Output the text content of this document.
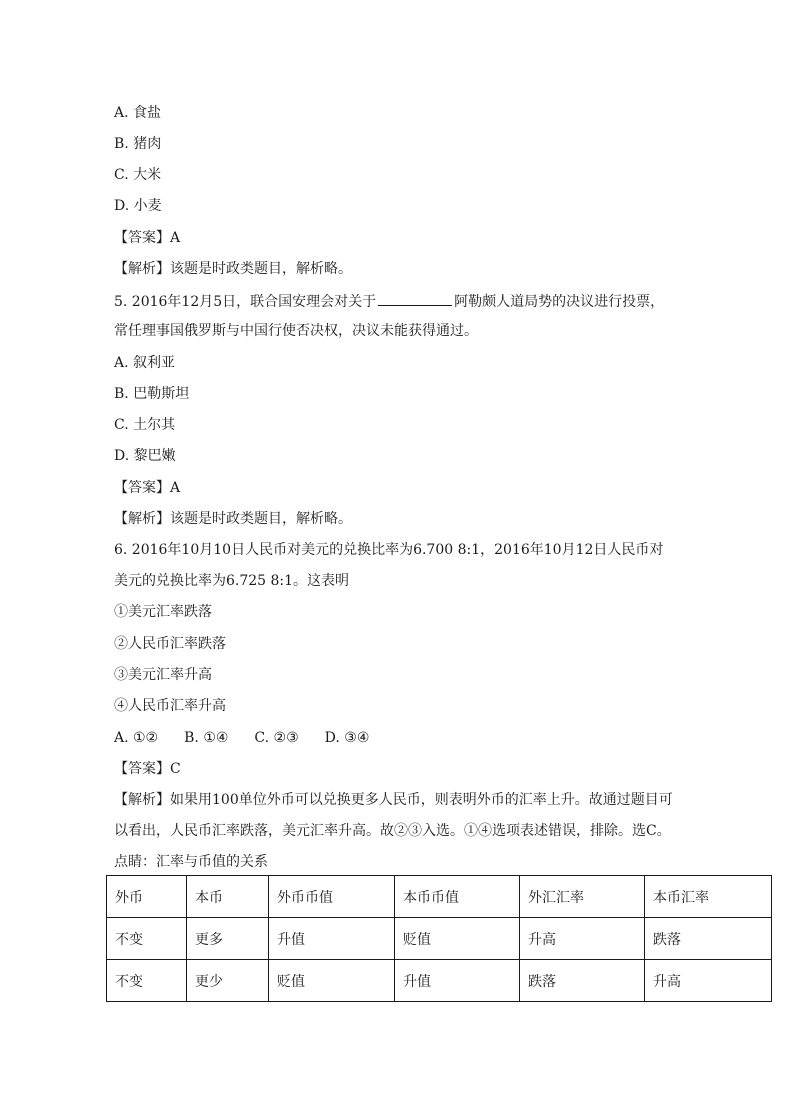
A. 食盐
B. 猪肉
C. 大米
D. 小麦
【答案】A
【解析】该题是时政类题目，解析略。
5. 2016年12月5日，联合国安理会对关于	阿勒颇人道局势的决议进行投票，
常任理事国俄罗斯与中国行使否决权，决议未能获得通过。
A. 叙利亚
B. 巴勒斯坦
C. 土尔其
D. 黎巴嫩
【答案】A
【解析】该题是时政类题目，解析略。
6. 2016年10月10日人民币对美元的兑换比率为6.700 8:1，2016年10月12日人民币对
美元的兑换比率为6.725 8:1。这表明
①美元汇率跌落
②人民币汇率跌落
③美元汇率升高
④人民币汇率升高
A. ①② B. ①④ C. ②③ D. ③④
【答案】C
【解析】如果用100单位外币可以兑换更多人民币，则表明外币的汇率上升。故通过题目可
以看出，人民币汇率跌落，美元汇率升高。故②③入选。①④选项表述错误，排除。选C。
点睛：汇率与币值的关系
外币	本币	外币币值	本币币值	外汇汇率	本币汇率
不变	更多	升值	贬值	升高	跌落
不变	更少	贬值	升值	跌落	升高
